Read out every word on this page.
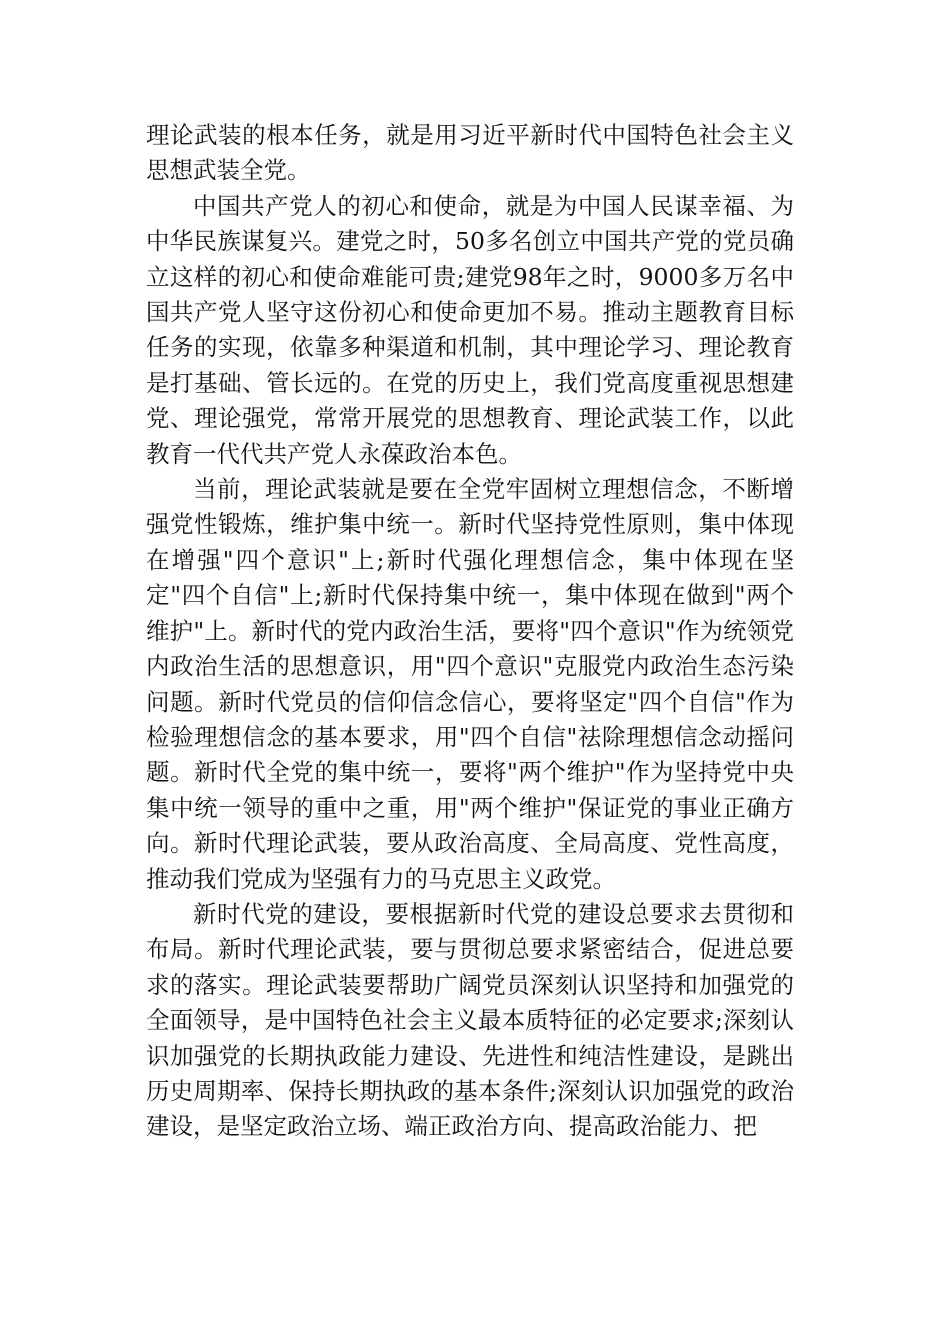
理论武装的根本任务，就是用习近平新时代中国特色社会主义思想武装全党。

中国共产党人的初心和使命，就是为中国人民谋幸福、为中华民族谋复兴。建党之时，50多名创立中国共产党的党员确立这样的初心和使命难能可贵;建党98年之时，9000多万名中国共产党人坚守这份初心和使命更加不易。推动主题教育目标任务的实现，依靠多种渠道和机制，其中理论学习、理论教育是打基础、管长远的。在党的历史上，我们党高度重视思想建党、理论强党，常常开展党的思想教育、理论武装工作，以此教育一代代共产党人永葆政治本色。

当前，理论武装就是要在全党牢固树立理想信念，不断增强党性锻炼，维护集中统一。新时代坚持党性原则，集中体现在增强"四个意识"上;新时代强化理想信念，集中体现在坚定"四个自信"上;新时代保持集中统一，集中体现在做到"两个维护"上。新时代的党内政治生活，要将"四个意识"作为统领党内政治生活的思想意识，用"四个意识"克服党内政治生态污染问题。新时代党员的信仰信念信心，要将坚定"四个自信"作为检验理想信念的基本要求，用"四个自信"祛除理想信念动摇问题。新时代全党的集中统一，要将"两个维护"作为坚持党中央集中统一领导的重中之重，用"两个维护"保证党的事业正确方向。新时代理论武装，要从政治高度、全局高度、党性高度，推动我们党成为坚强有力的马克思主义政党。

新时代党的建设，要根据新时代党的建设总要求去贯彻和布局。新时代理论武装，要与贯彻总要求紧密结合，促进总要求的落实。理论武装要帮助广阔党员深刻认识坚持和加强党的全面领导，是中国特色社会主义最本质特征的必定要求;深刻认识加强党的长期执政能力建设、先进性和纯洁性建设，是跳出历史周期率、保持长期执政的基本条件;深刻认识加强党的政治建设，是坚定政治立场、端正政治方向、提高政治能力、把
